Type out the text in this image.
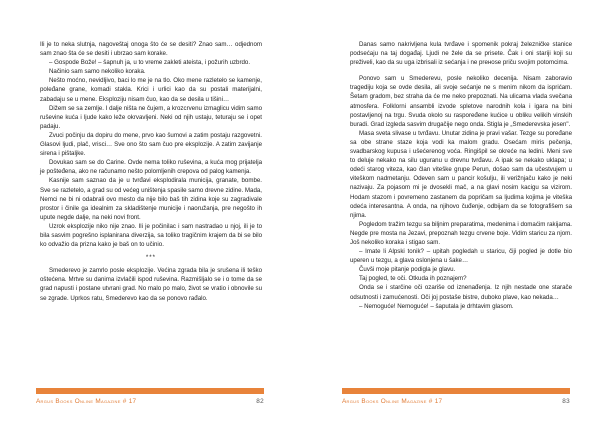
Ili je to neka slutnja, nagoveštaj onoga što će se desiti? Znao sam… odjednom sam znao šta će se desiti i ubrzao sam korake.

– Gospode Bože! – šapnuh ja, u to vreme zakleti ateista, i požurih uzbrdo.

Načinio sam samo nekoliko koraka.

Nešto moćno, nevidljivo, baci lo me je na tlo. Oko mene razleteło se kamenje, polеđane grane, komadi stakla. Krici i urlici kao da su postali materijalni, zabadaju se u mene. Eksploziju nisam čuo, kao da se desila u tišini…

Dižem se sa zemlje. I dalje ništa ne čujem, a krozcrvenu izmaglicu vidim samo ruševine kuća i ljude kako leže okrvavljeni. Neki od njih ustaju, teturaju se i opet padaju.

Zvuci počinju da dopiru do mene, prvo kao šumovi a zatim postaju razgovetni. Glasovi ljudi, plač, vrisci… Sve ono što sam čuo pre eksplozije. A zatim zavijanje sirena i pištaljke.

Dovukao sam se do Carine. Ovde nema toliko ruševina, a kuća mog prijatelja je poštеđena, ako ne računamo nešto polomljenih crepova od palog kamenja.

Kasnije sam saznao da je u tvrđavi eksplodirala municija, granate, bombe. Sve se razletelo, a grad su od većeg uništenja spasile samo drevne zidine. Mada, Nemci ne bi ni odabrali ovo mesto da nije bilo baš tih zidina koje su zagradivale prostor i činile ga idealnim za skladištenje municije i naoružanja, pre negošto ih upute negde dalje, na neki novi front.

Uzrok eksplozije niko nije znao. Ili je počinilac i sam nastradao u njoj, ili je to bila sasvim pogrešno isplanirana diverzija, sa toliko tragičnim krajem da bi se bilo ko odvažio da prizna kako je baš on to učinio.

***

Smederevo je zamrlo posle eksplozije. Većina zgrada bila je srušena ili teško oštećena. Mrtve su danima izvlačili ispod ruševina. Razmišljalo se i o tome da se grad napusti i postane utvrani grad. No malo po malo, život se vratio i obnovile su se zgrade. Uprkos ratu, Smederevo kao da se ponovo rađalo.

Argus Books Online Magazine # 17	82

Danas samo nakrivljena kula tvrđave i spomenik pokraj železničke stanice podsećaju na taj događaj. Ljudi ne žele da se prisete. Čak i oni stariji koji su preživeli, kao da su uga izbrisali iz sećanja i ne preнose priču svojim potomcima.

Ponovo sam u Smederevu, posle nekoliko decenija. Nisam zaboravio tragediju koja se ovde desila, ali svoje sećanje ne s menim nikom da isprićam. Šetam gradom, bez straha da će me neko prepoznati. Na ulicama vlada svečana atmosfera. Folklorni ansambli izvode spletove narodnih kola i igara na bini postavljenoj na trgu. Svuda okolo su raspoređene kućice u obliku velikih vinskih buradi. Grad izgleda sasvim drugačije nego onda. Stigla je „Smederevska jesen".

Masa sveta slivase u tvrđavu. Unutar zidina je pravi vašar. Tezge su poređane sa obe strane staze koja vodi ka malom gradu. Osećam miris pečenja, svadbarskog kupusa i ušećerenog voća. Ringišpil se okreće na ledini. Meni sve to deluje nekako na silu uguranu u drevnu tvrđavu. A ipak se nekako uklapa; u odeći starog viteza, kao član viteške grupe Perun, došao sam da učestvujem u viteškom nadmetanju. Odeven sam u pancir košulju, ili verižnjaču kako je neki nazivaju. Za pojasom mi je dvosekli mač, a na glavi nosim kacigu sa vizirom. Hodam stazom i povremeno zastanem da popričam sa ljudima kojima je viteška odeća interesantna. A onda, na njihovo čuđenje, odbijam da se fotografišem sa njima.

Pogledom tražim tezgu sa biljnim preparatima, medenima i domaćim rakijama. Negde pre mosta na Jezavi, prepoznah tezgu crvene boje. Vidim staricu za njom. Još nekoliko koraka i stigao sam.

– Imate li Alpski tonik? – upitah pogledah u staricu, čiji pogled je dotle bio uperen u tezgu, a glava oslonjena u šake…

Čuvši moje pitanje podigla je glavu.

Taj pogled, te oči. Otkuda ih poznajem?

Onda se i starčine oči ozariše od iznenađenja. Iz njih nestade one starače odsutnosti i zamućenosti. Oči joj postaše bistre, duboko plave, kao nekada…

– Nemoguće! Nemoguće! – šaputala je drhtavim glasom.

Argus Books Online Magazine # 17	83
